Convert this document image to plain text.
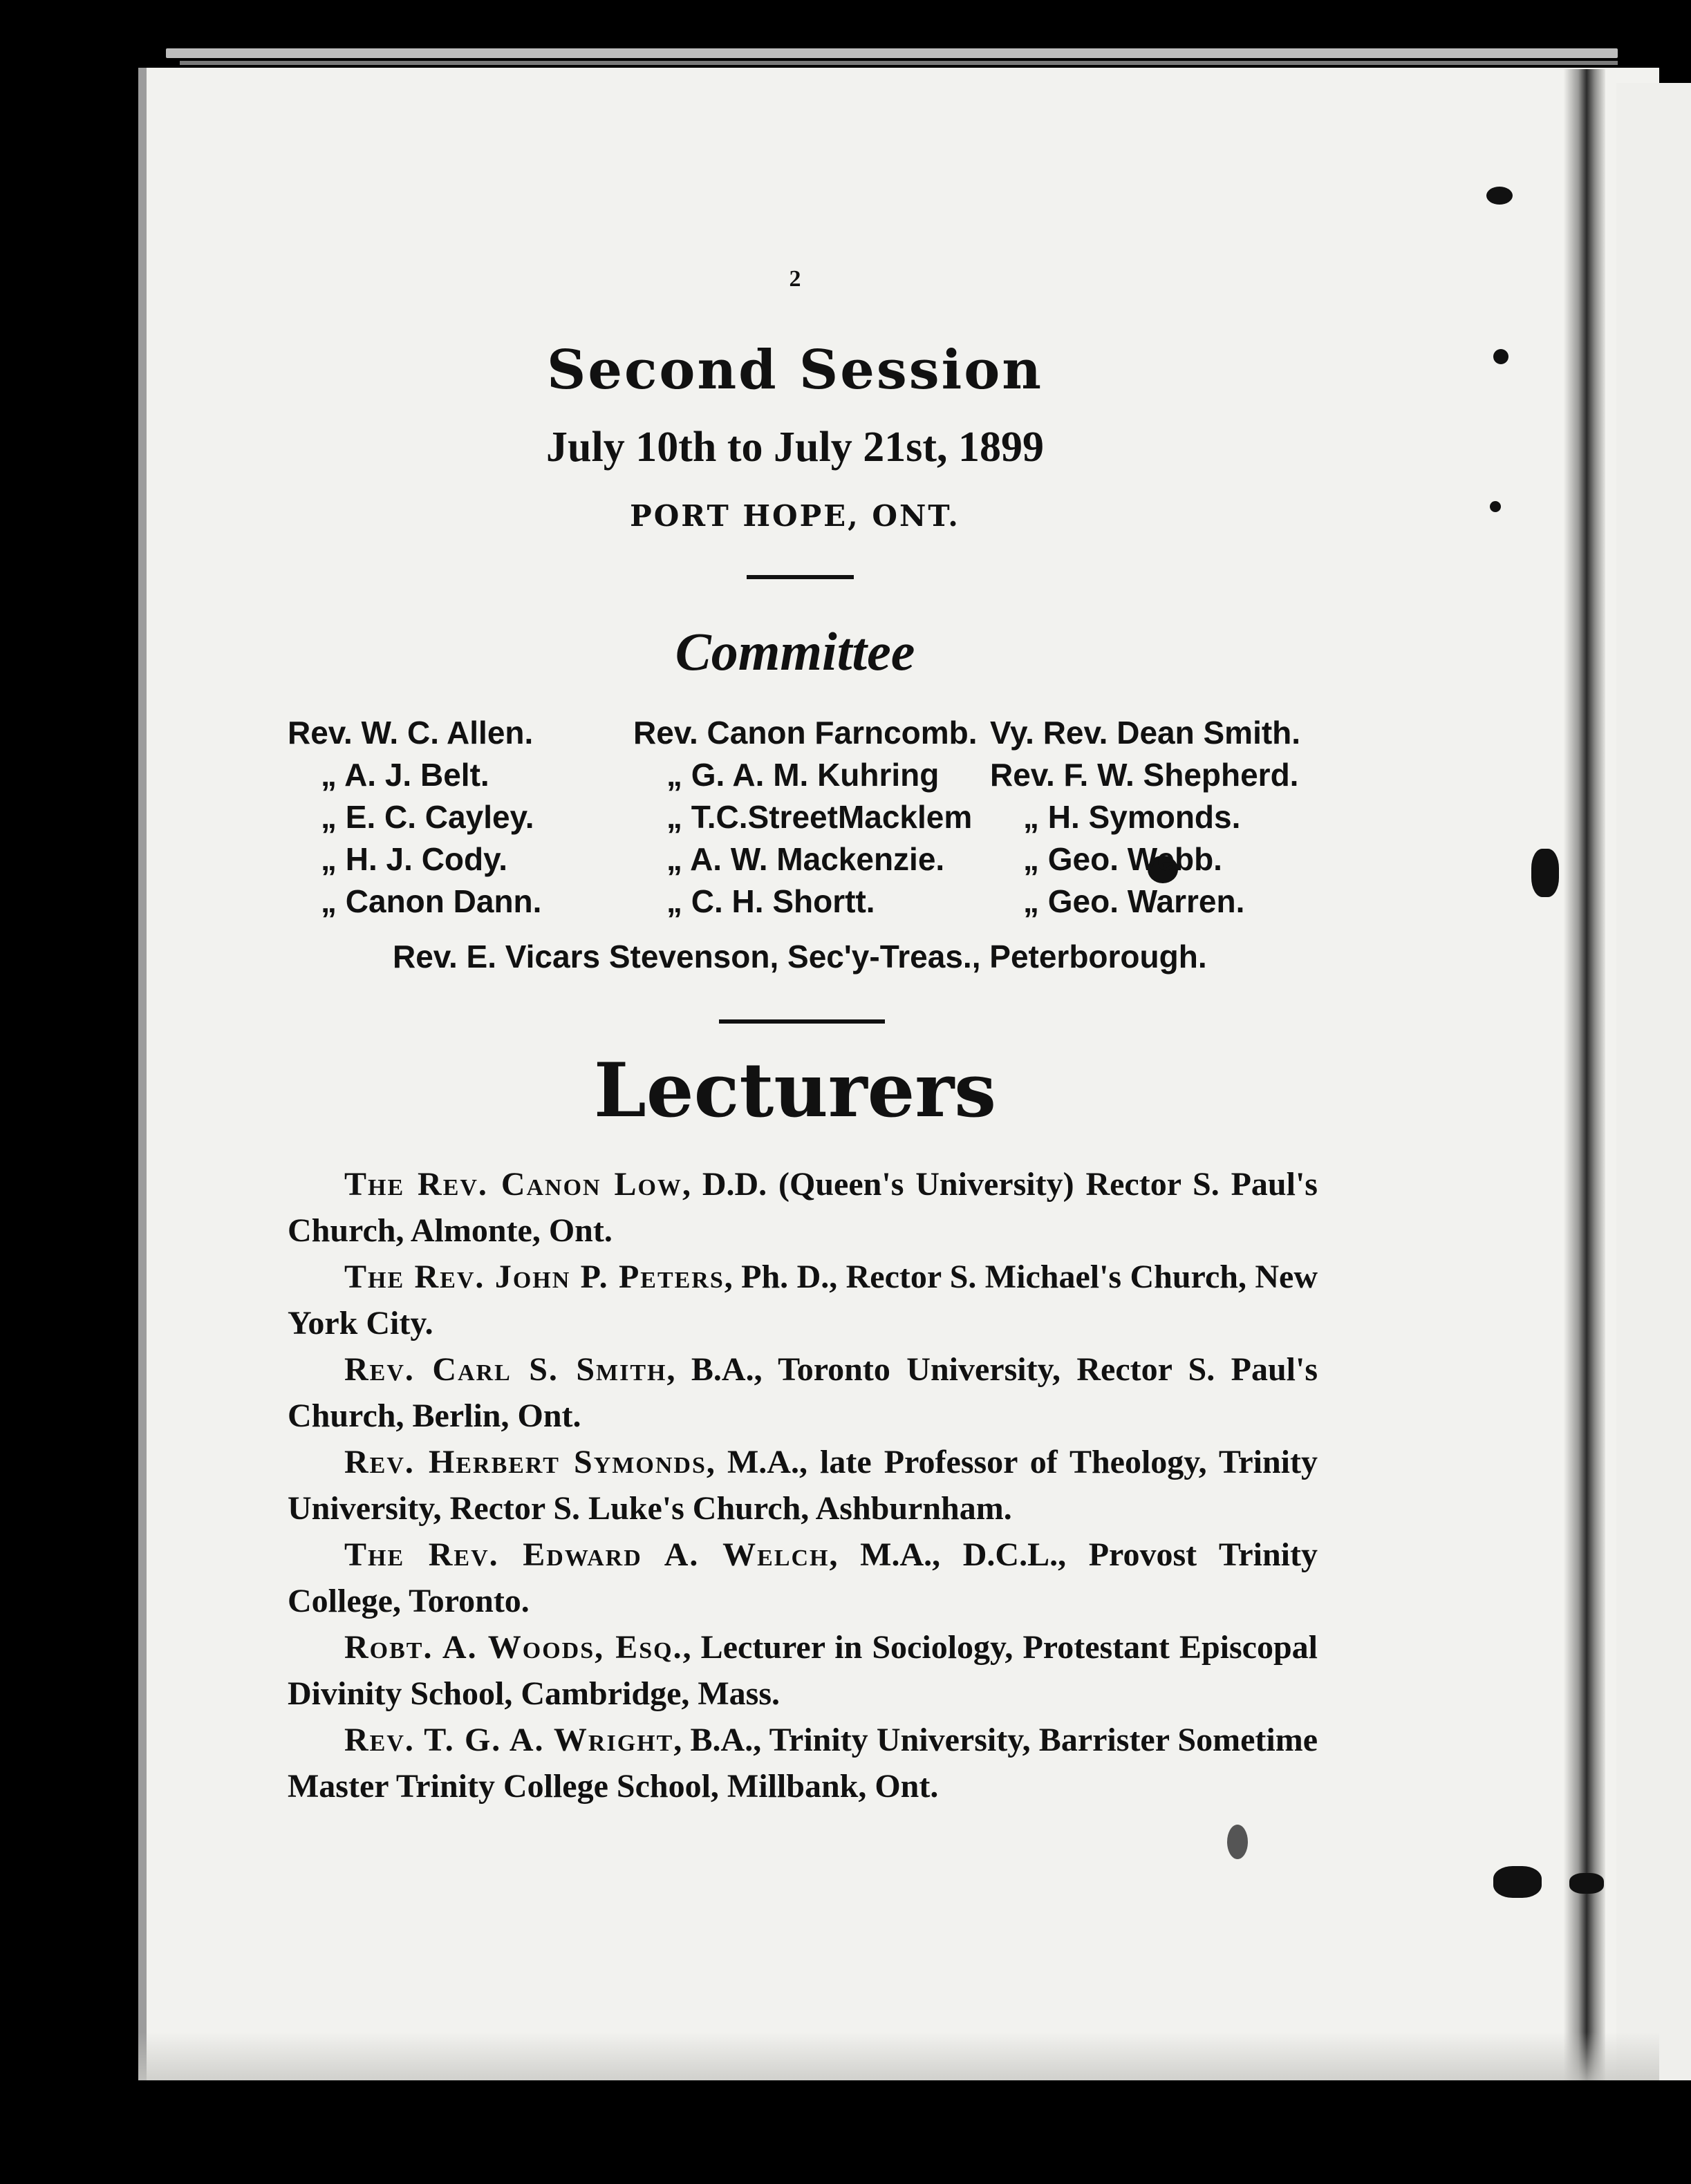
2
Second Session
July 10th to July 21st, 1899
PORT HOPE, ONT.
Committee
Rev. W. C. Allen.
„ A. J. Belt.
„ E. C. Cayley.
„ H. J. Cody.
„ Canon Dann.
Rev. Canon Farncomb.
„ G. A. M. Kuhring
„ T.C.StreetMacklem
„ A. W. Mackenzie.
„ C. H. Shortt.
Vy. Rev. Dean Smith.
Rev. F. W. Shepherd.
„ H. Symonds.
„ Geo. Webb.
„ Geo. Warren.
Rev. E. Vicars Stevenson, Sec'y-Treas., Peterborough.
Lecturers

The Rev. Canon Low, D.D. (Queen's University) Rector S. Paul's Church, Almonte, Ont.

The Rev. John P. Peters, Ph. D., Rector S. Michael's Church, New York City.

Rev. Carl S. Smith, B.A., Toronto University, Rector S. Paul's Church, Berlin, Ont.

Rev. Herbert Symonds, M.A., late Professor of Theology, Trinity University, Rector S. Luke's Church, Ashburnham.

The Rev. Edward A. Welch, M.A., D.C.L., Provost Trinity College, Toronto.

Robt. A. Woods, Esq., Lecturer in Sociology, Protestant Episcopal Divinity School, Cambridge, Mass.

Rev. T. G. A. Wright, B.A., Trinity University, Barrister Sometime Master Trinity College School, Millbank, Ont.
